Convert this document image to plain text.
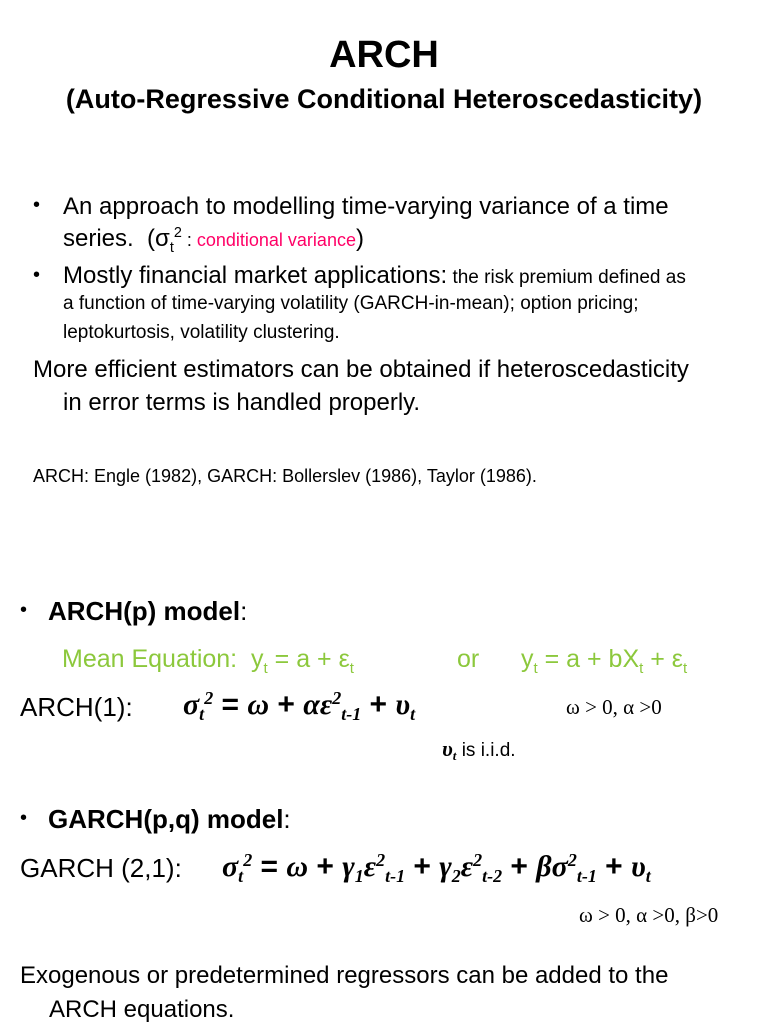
ARCH
(Auto-Regressive Conditional Heteroscedasticity)
• An approach to modelling time-varying variance of a time
series.  ($\sigma_t^2$ : conditional variance)
• Mostly financial market applications: the risk premium defined as
a function of time-varying volatility (GARCH-in-mean); option pricing;
leptokurtosis, volatility clustering.
More efficient estimators can be obtained if heteroscedasticity
in error terms is handled properly.
ARCH: Engle (1982), GARCH: Bollerslev (1986), Taylor (1986).
• ARCH(p) model:
Mean Equation:  $y_t = a + \varepsilon_t$	or $y_t = a + bX_t + \varepsilon_t$
ARCH(1): $\sigma_t^2 = \omega + \alpha\varepsilon^2_{t-1} + \upsilon_t$	ω > 0, α >0
$\upsilon_t$ is i.i.d.
• GARCH(p,q) model:
GARCH (2,1): $\sigma_t^2 = \omega + \gamma_1\varepsilon^2_{t-1} + \gamma_2\varepsilon^2_{t-2} + \beta\sigma^2_{t-1} + \upsilon_t$
ω > 0, α >0, β>0
Exogenous or predetermined regressors can be added to the
ARCH equations.
